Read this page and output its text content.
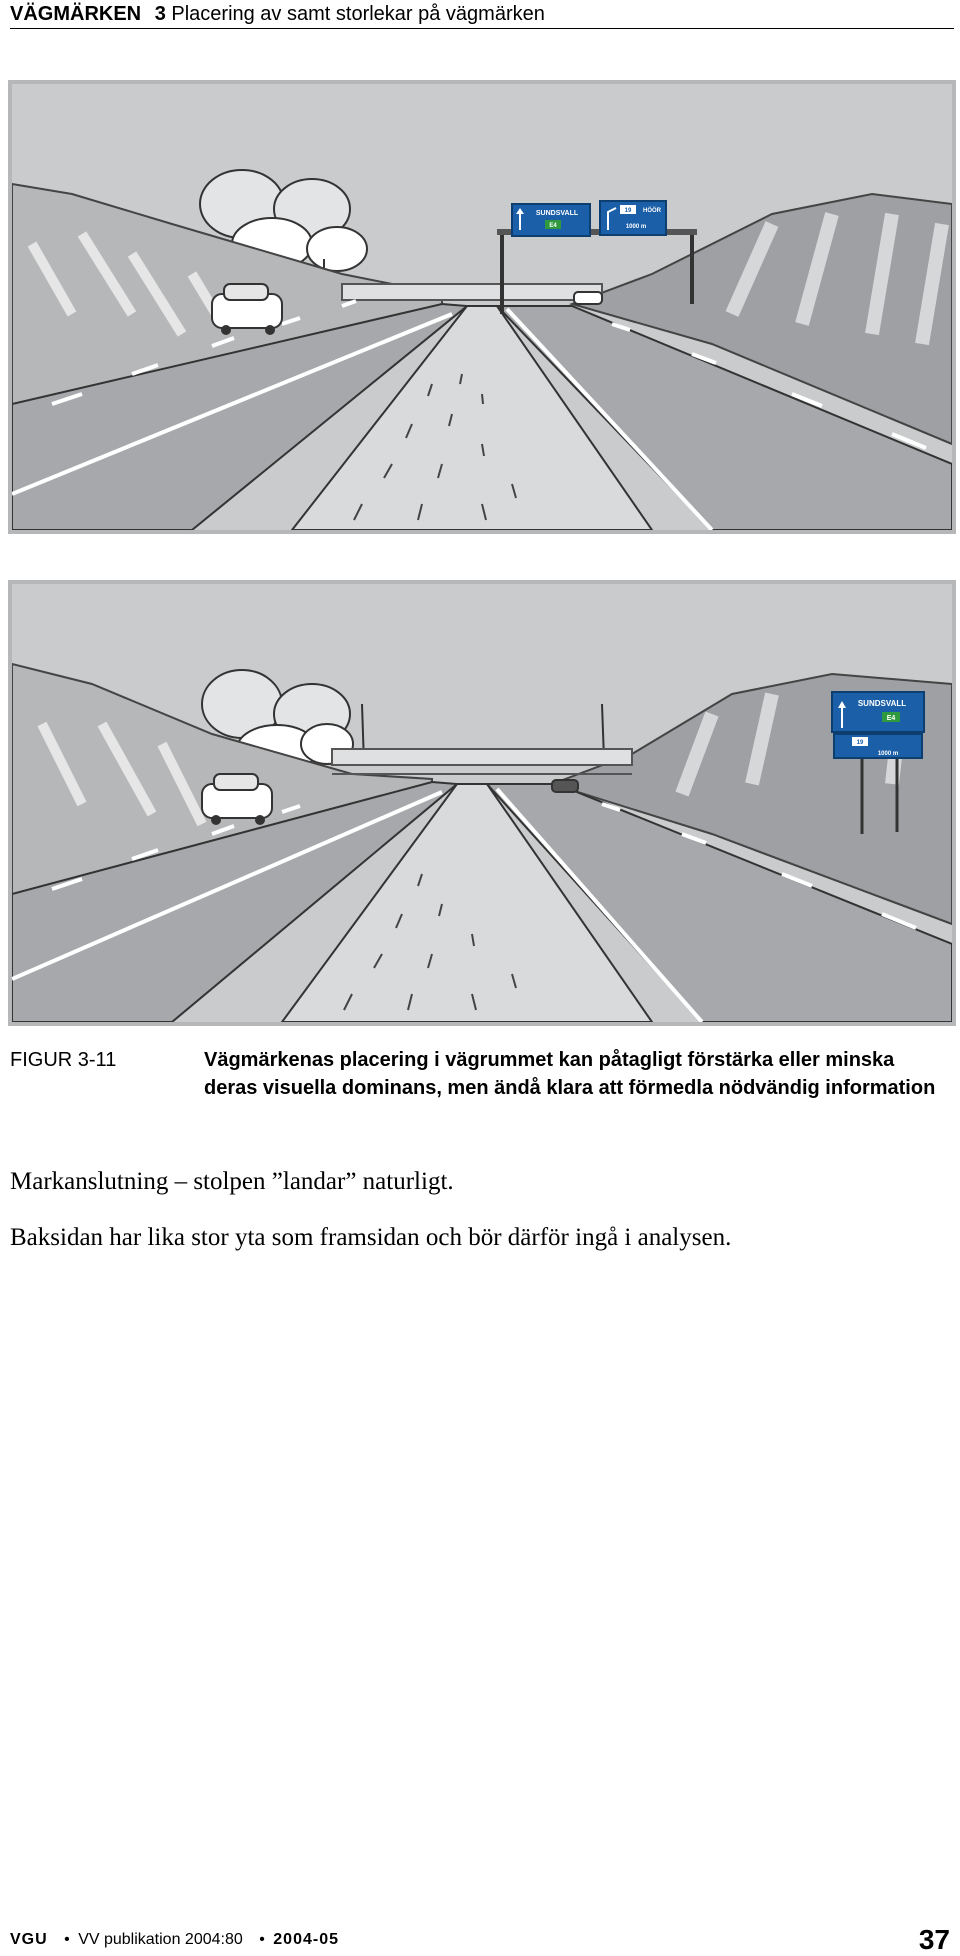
VÄGMÄRKEN 3 Placering av samt storlekar på vägmärken
SUNDSVALL
E4
19 HÖÖR
1000 m
SUNDSVALL
E4
19
1000 m
FIGUR 3-11	Vägmärkenas placering i vägrummet kan påtagligt förstärka eller minska deras visuella dominans, men ändå klara att förmedla nödvändig information
Markanslutning – stolpen ”landar” naturligt.
Baksidan har lika stor yta som framsidan och bör därför ingå i analysen.
VGU • VV publikation 2004:80 • 2004-05	37
